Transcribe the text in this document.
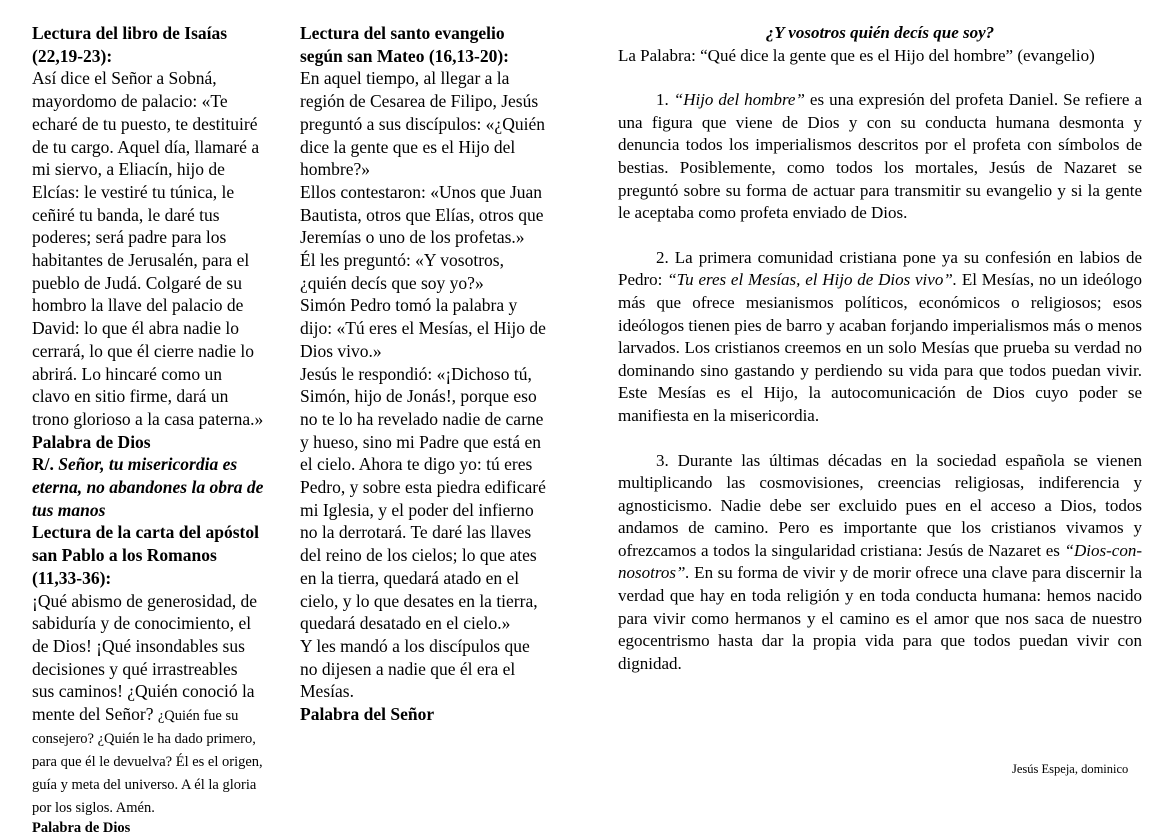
Lectura del libro de Isaías (22,19-23):

Así dice el Señor a Sobná, mayordomo de palacio: «Te echaré de tu puesto, te destituiré de tu cargo. Aquel día, llamaré a mi siervo, a Eliacín, hijo de Elcías: le vestiré tu túnica, le ceñiré tu banda, le daré tus poderes; será padre para los habitantes de Jerusalén, para el pueblo de Judá. Colgaré de su hombro la llave del palacio de David: lo que él abra nadie lo cerrará, lo que él cierre nadie lo abrirá. Lo hincaré como un clavo en sitio firme, dará un trono glorioso a la casa paterna.» Palabra de Dios

R/. Señor, tu misericordia es eterna, no abandones la obra de tus manos

Lectura de la carta del apóstol san Pablo a los Romanos (11,33-36):

¡Qué abismo de generosidad, de sabiduría y de conocimiento, el de Dios! ¡Qué insondables sus decisiones y qué irrastreables sus caminos! ¿Quién conoció la mente del Señor? ¿Quién fue su consejero? ¿Quién le ha dado primero, para que él le devuelva? Él es el origen, guía y meta del universo. A él la gloria por los siglos. Amén.

Palabra de Dios
Lectura del santo evangelio según san Mateo (16,13-20):

En aquel tiempo, al llegar a la región de Cesarea de Filipo, Jesús preguntó a sus discípulos: «¿Quién dice la gente que es el Hijo del hombre?»

Ellos contestaron: «Unos que Juan Bautista, otros que Elías, otros que Jeremías o uno de los profetas.»

Él les preguntó: «Y vosotros, ¿quién decís que soy yo?»

Simón Pedro tomó la palabra y dijo: «Tú eres el Mesías, el Hijo de Dios vivo.»

Jesús le respondió: «¡Dichoso tú, Simón, hijo de Jonás!, porque eso no te lo ha revelado nadie de carne y hueso, sino mi Padre que está en el cielo. Ahora te digo yo: tú eres Pedro, y sobre esta piedra edificaré mi Iglesia, y el poder del infierno no la derrotará. Te daré las llaves del reino de los cielos; lo que ates en la tierra, quedará atado en el cielo, y lo que desates en la tierra, quedará desatado en el cielo.»

Y les mandó a los discípulos que no dijesen a nadie que él era el Mesías.

Palabra del Señor
¿Y vosotros quién decís que soy?

La Palabra: “Qué dice la gente que es el Hijo del hombre” (evangelio)

1. “Hijo del hombre” es una expresión del profeta Daniel. Se refiere a una figura que viene de Dios y con su conducta humana desmonta y denuncia todos los imperialismos descritos por el profeta con símbolos de bestias. Posiblemente, como todos los mortales, Jesús de Nazaret se preguntó sobre su forma de actuar para transmitir su evangelio y si la gente le aceptaba como profeta enviado de Dios.

2. La primera comunidad cristiana pone ya su confesión en labios de Pedro: “Tu eres el Mesías, el Hijo de Dios vivo”. El Mesías, no un ideólogo más que ofrece mesianismos políticos, económicos o religiosos; esos ideólogos tienen pies de barro y acaban forjando imperialismos más o menos larvados. Los cristianos creemos en un solo Mesías que prueba su verdad no dominando sino gastando y perdiendo su vida para que todos puedan vivir. Este Mesías es el Hijo, la autocomunicación de Dios cuyo poder se manifiesta en la misericordia.

3. Durante las últimas décadas en la sociedad española se vienen multiplicando las cosmovisiones, creencias religiosas, indiferencia y agnosticismo. Nadie debe ser excluido pues en el acceso a Dios, todos andamos de camino. Pero es importante que los cristianos vivamos y ofrezcamos a todos la singularidad cristiana: Jesús de Nazaret es “Dios-con-nosotros”. En su forma de vivir y de morir ofrece una clave para discernir la verdad que hay en toda religión y en toda conducta humana: hemos nacido para vivir como hermanos y el camino es el amor que nos saca de nuestro egocentrismo hasta dar la propia vida para que todos puedan vivir con dignidad.

Jesús Espeja, dominico
